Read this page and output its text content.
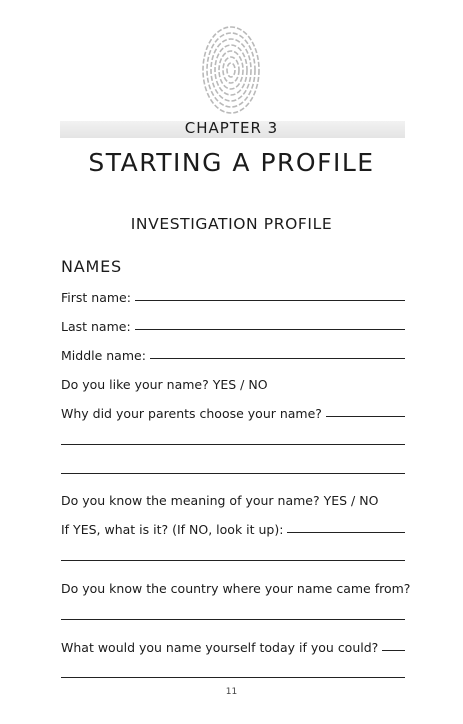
CHAPTER 3
STARTING A PROFILE
INVESTIGATION PROFILE
NAMES
First name:
Last name:
Middle name:
Do you like your name? YES / NO
Why did your parents choose your name?
Do you know the meaning of your name? YES / NO
If YES, what is it? (If NO, look it up):
Do you know the country where your name came from?
What would you name yourself today if you could?
11
